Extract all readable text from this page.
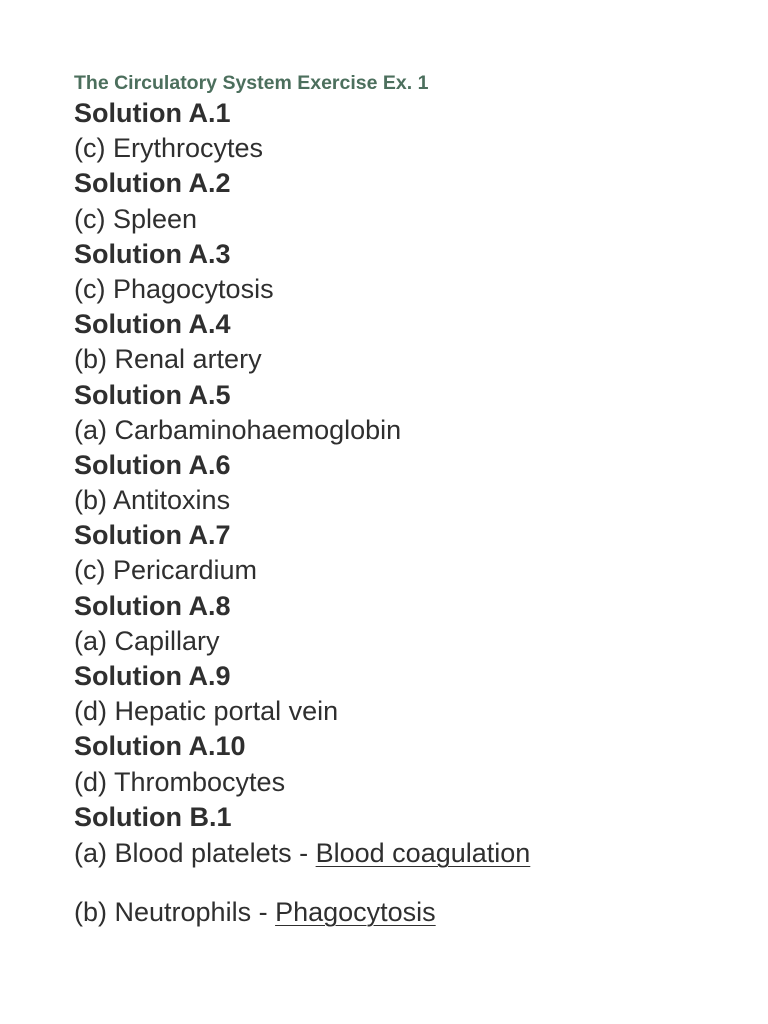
The Circulatory System Exercise Ex. 1
Solution A.1
(c) Erythrocytes
Solution A.2
(c) Spleen
Solution A.3
(c) Phagocytosis
Solution A.4
(b) Renal artery
Solution A.5
(a) Carbaminohaemoglobin
Solution A.6
(b) Antitoxins
Solution A.7
(c) Pericardium
Solution A.8
(a) Capillary
Solution A.9
(d) Hepatic portal vein
Solution A.10
(d) Thrombocytes
Solution B.1
(a) Blood platelets - Blood coagulation
(b) Neutrophils - Phagocytosis
